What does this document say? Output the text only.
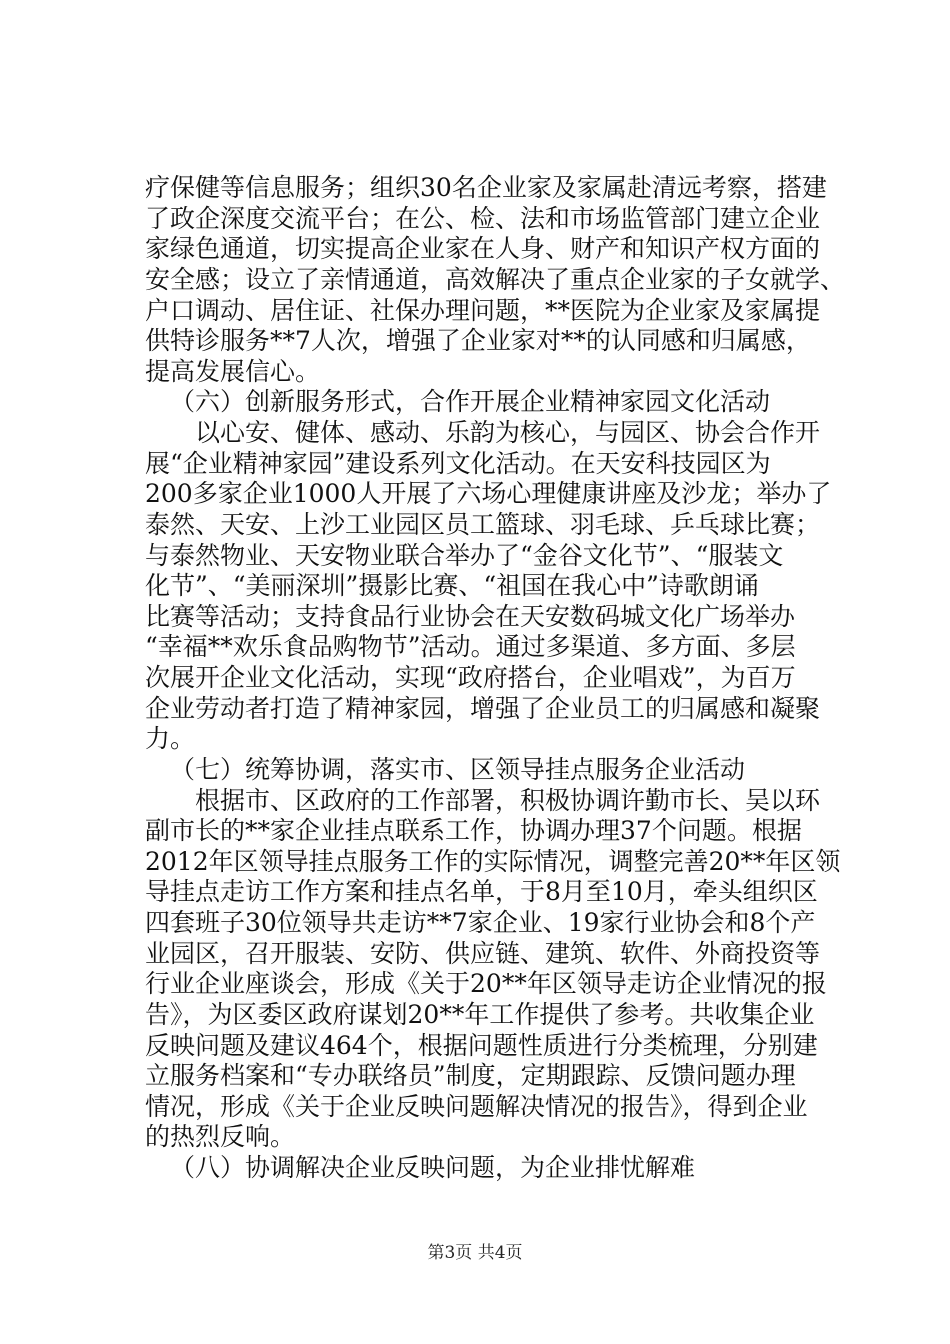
疗保健等信息服务；组织30名企业家及家属赴清远考察，搭建
了政企深度交流平台；在公、检、法和市场监管部门建立企业
家绿色通道，切实提高企业家在人身、财产和知识产权方面的
安全感；设立了亲情通道，高效解决了重点企业家的子女就学、
户口调动、居住证、社保办理问题，**医院为企业家及家属提
供特诊服务**7人次，增强了企业家对**的认同感和归属感，
提高发展信心。
（六）创新服务形式，合作开展企业精神家园文化活动
以心安、健体、感动、乐韵为核心，与园区、协会合作开
展“企业精神家园”建设系列文化活动。在天安科技园区为
200多家企业1000人开展了六场心理健康讲座及沙龙；举办了
泰然、天安、上沙工业园区员工篮球、羽毛球、乒乓球比赛；
与泰然物业、天安物业联合举办了“金谷文化节”、“服装文
化节”、“美丽深圳”摄影比赛、“祖国在我心中”诗歌朗诵
比赛等活动；支持食品行业协会在天安数码城文化广场举办
“幸福**欢乐食品购物节”活动。通过多渠道、多方面、多层
次展开企业文化活动，实现“政府搭台，企业唱戏”，为百万
企业劳动者打造了精神家园，增强了企业员工的归属感和凝聚
力。
（七）统筹协调，落实市、区领导挂点服务企业活动
根据市、区政府的工作部署，积极协调许勤市长、吴以环
副市长的**家企业挂点联系工作，协调办理37个问题。根据
2012年区领导挂点服务工作的实际情况，调整完善20**年区领
导挂点走访工作方案和挂点名单，于8月至10月，牵头组织区
四套班子30位领导共走访**7家企业、19家行业协会和8个产
业园区，召开服装、安防、供应链、建筑、软件、外商投资等
行业企业座谈会，形成《关于20**年区领导走访企业情况的报
告》，为区委区政府谋划20**年工作提供了参考。共收集企业
反映问题及建议464个，根据问题性质进行分类梳理，分别建
立服务档案和“专办联络员”制度，定期跟踪、反馈问题办理
情况，形成《关于企业反映问题解决情况的报告》，得到企业
的热烈反响。
（八）协调解决企业反映问题，为企业排忧解难
第3页 共4页
